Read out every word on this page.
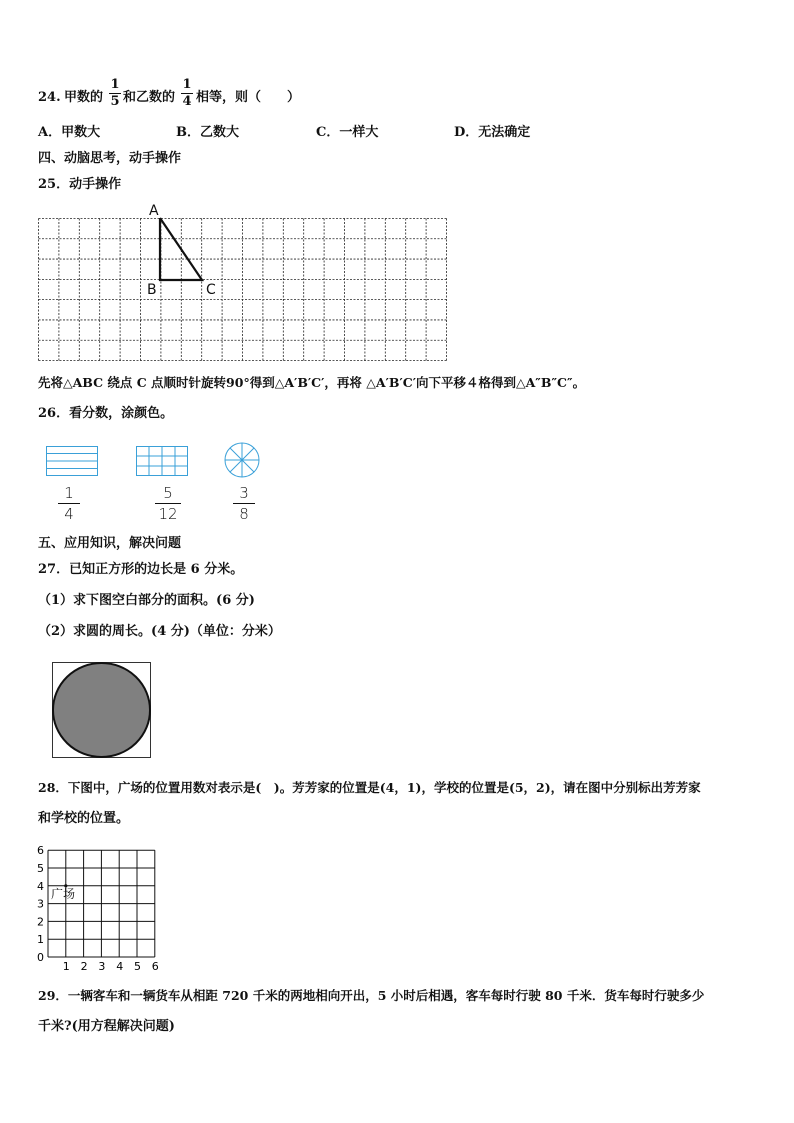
24. 甲数的
1
5 和乙数的
1
4 相等，则（　　）
A．甲数大	B．乙数大	C．一样大	D．无法确定
四、动脑思考，动手操作
25．动手操作
A
B	C
先将△ABC 绕点 C 点顺时针旋转90°得到△A′B′C′，再将 △A′B′C′向下平移４格得到△A″B″C″。
26．看分数，涂颜色。
1
4
5
12
3
8
五、应用知识，解决问题
27．已知正方形的边长是 6 分米。
（1）求下图空白部分的面积。(6 分)
（2）求圆的周长。(4 分)（单位：分米）
28．下图中，广场的位置用数对表示是(　)。芳芳家的位置是(4，1)，学校的位置是(5，2)，请在图中分别标出芳芳家
和学校的位置。
6
5
4
3
2
1
0
1 2 3 4 5 6
广场
29．一辆客车和一辆货车从相距 720 千米的两地相向开出，5 小时后相遇，客车每时行驶 80 千米．货车每时行驶多少
千米?(用方程解决问题)
